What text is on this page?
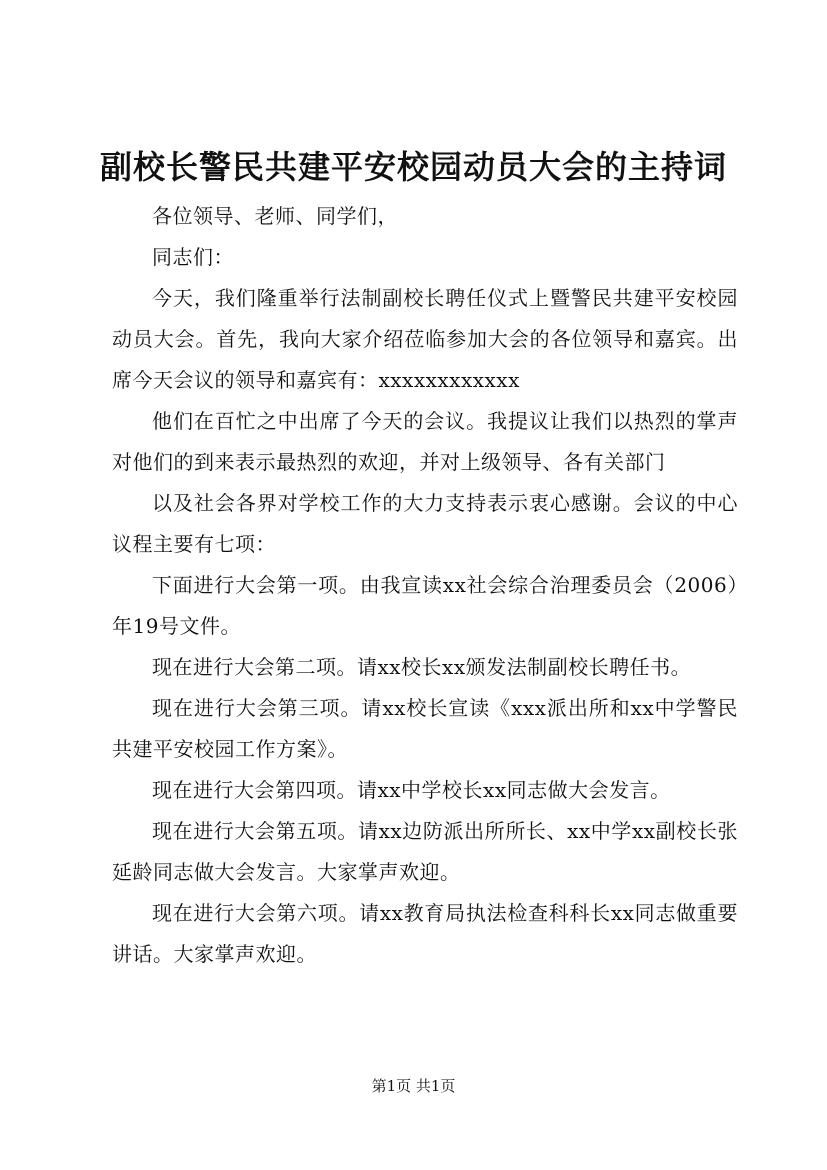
副校长警民共建平安校园动员大会的主持词

各位领导、老师、同学们，

同志们：

今天，我们隆重举行法制副校长聘任仪式上暨警民共建平安校园动员大会。首先，我向大家介绍莅临参加大会的各位领导和嘉宾。出席今天会议的领导和嘉宾有：xxxxxxxxxxxx

他们在百忙之中出席了今天的会议。我提议让我们以热烈的掌声对他们的到来表示最热烈的欢迎，并对上级领导、各有关部门

以及社会各界对学校工作的大力支持表示衷心感谢。会议的中心议程主要有七项：

下面进行大会第一项。由我宣读xx社会综合治理委员会（2006）年19号文件。

现在进行大会第二项。请xx校长xx颁发法制副校长聘任书。

现在进行大会第三项。请xx校长宣读《xxx派出所和xx中学警民共建平安校园工作方案》。

现在进行大会第四项。请xx中学校长xx同志做大会发言。

现在进行大会第五项。请xx边防派出所所长、xx中学xx副校长张延龄同志做大会发言。大家掌声欢迎。

现在进行大会第六项。请xx教育局执法检查科科长xx同志做重要讲话。大家掌声欢迎。

第1页 共1页
